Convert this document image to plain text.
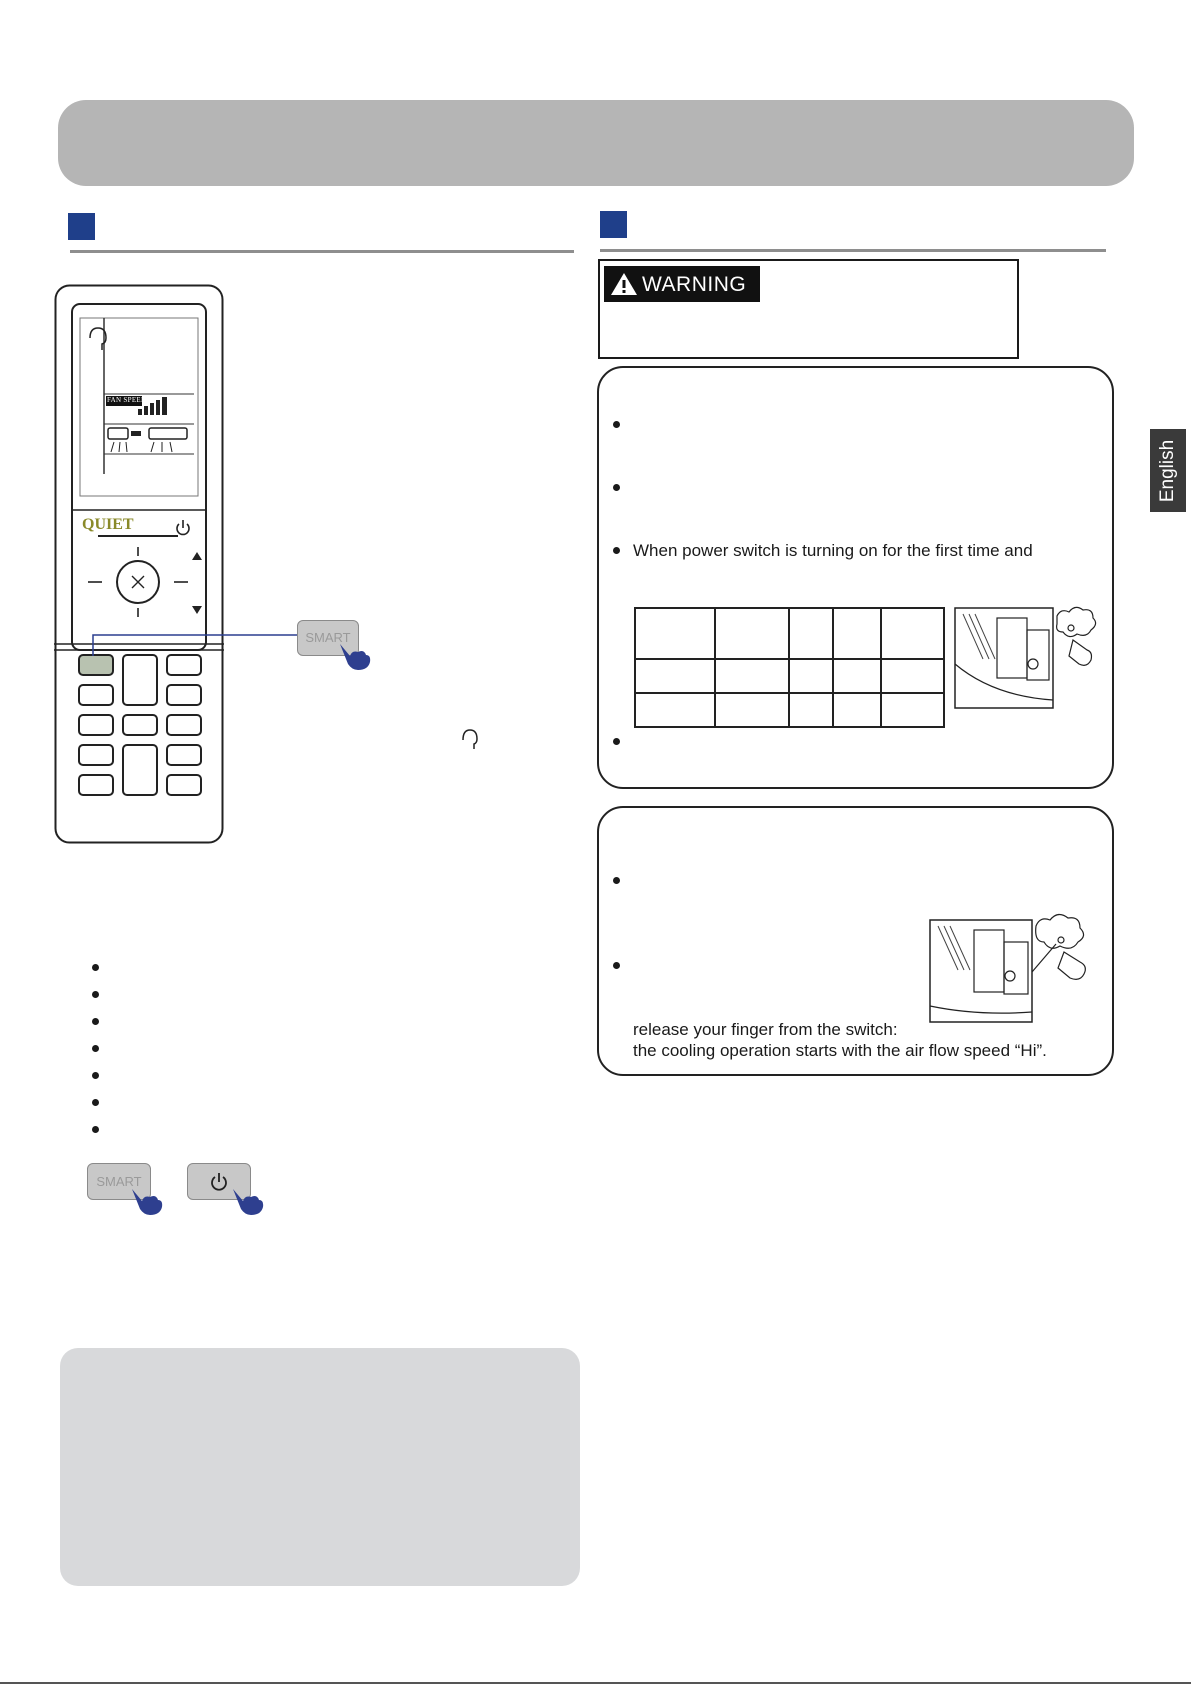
English
QUIET
FAN SPEED
SMART
SMART
WARNING
When power switch is turning on for the first time and

release your finger from the switch:
the cooling operation starts with the air flow speed “Hi”.
